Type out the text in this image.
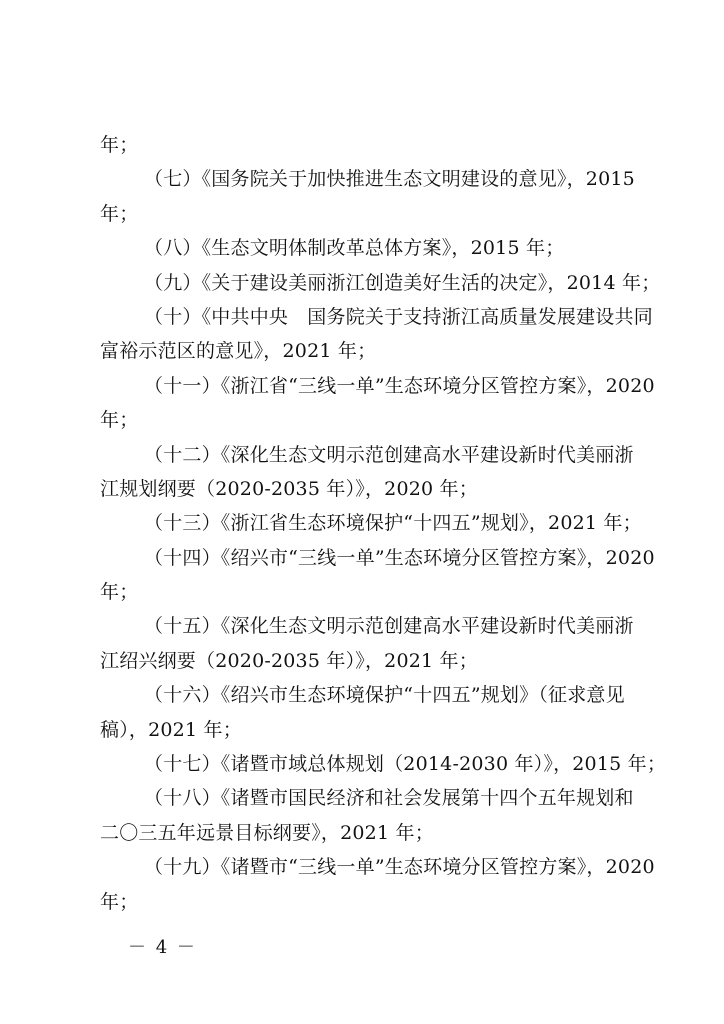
年；
（七）《国务院关于加快推进生态文明建设的意见》，2015
年；
（八）《生态文明体制改革总体方案》，2015 年；
（九）《关于建设美丽浙江创造美好生活的决定》，2014 年；
（十）《中共中央　国务院关于支持浙江高质量发展建设共同
富裕示范区的意见》，2021 年；
（十一）《浙江省“三线一单”生态环境分区管控方案》，2020
年；
（十二）《深化生态文明示范创建高水平建设新时代美丽浙
江规划纲要（2020-2035 年）》，2020 年；
（十三）《浙江省生态环境保护“十四五”规划》，2021 年；
（十四）《绍兴市“三线一单”生态环境分区管控方案》，2020
年；
（十五）《深化生态文明示范创建高水平建设新时代美丽浙
江绍兴纲要（2020-2035 年）》，2021 年；
（十六）《绍兴市生态环境保护“十四五”规划》（征求意见
稿），2021 年；
（十七）《诸暨市域总体规划（2014-2030 年）》，2015 年；
（十八）《诸暨市国民经济和社会发展第十四个五年规划和
二〇三五年远景目标纲要》，2021 年；
（十九）《诸暨市“三线一单”生态环境分区管控方案》，2020
年；
－ 4 －
